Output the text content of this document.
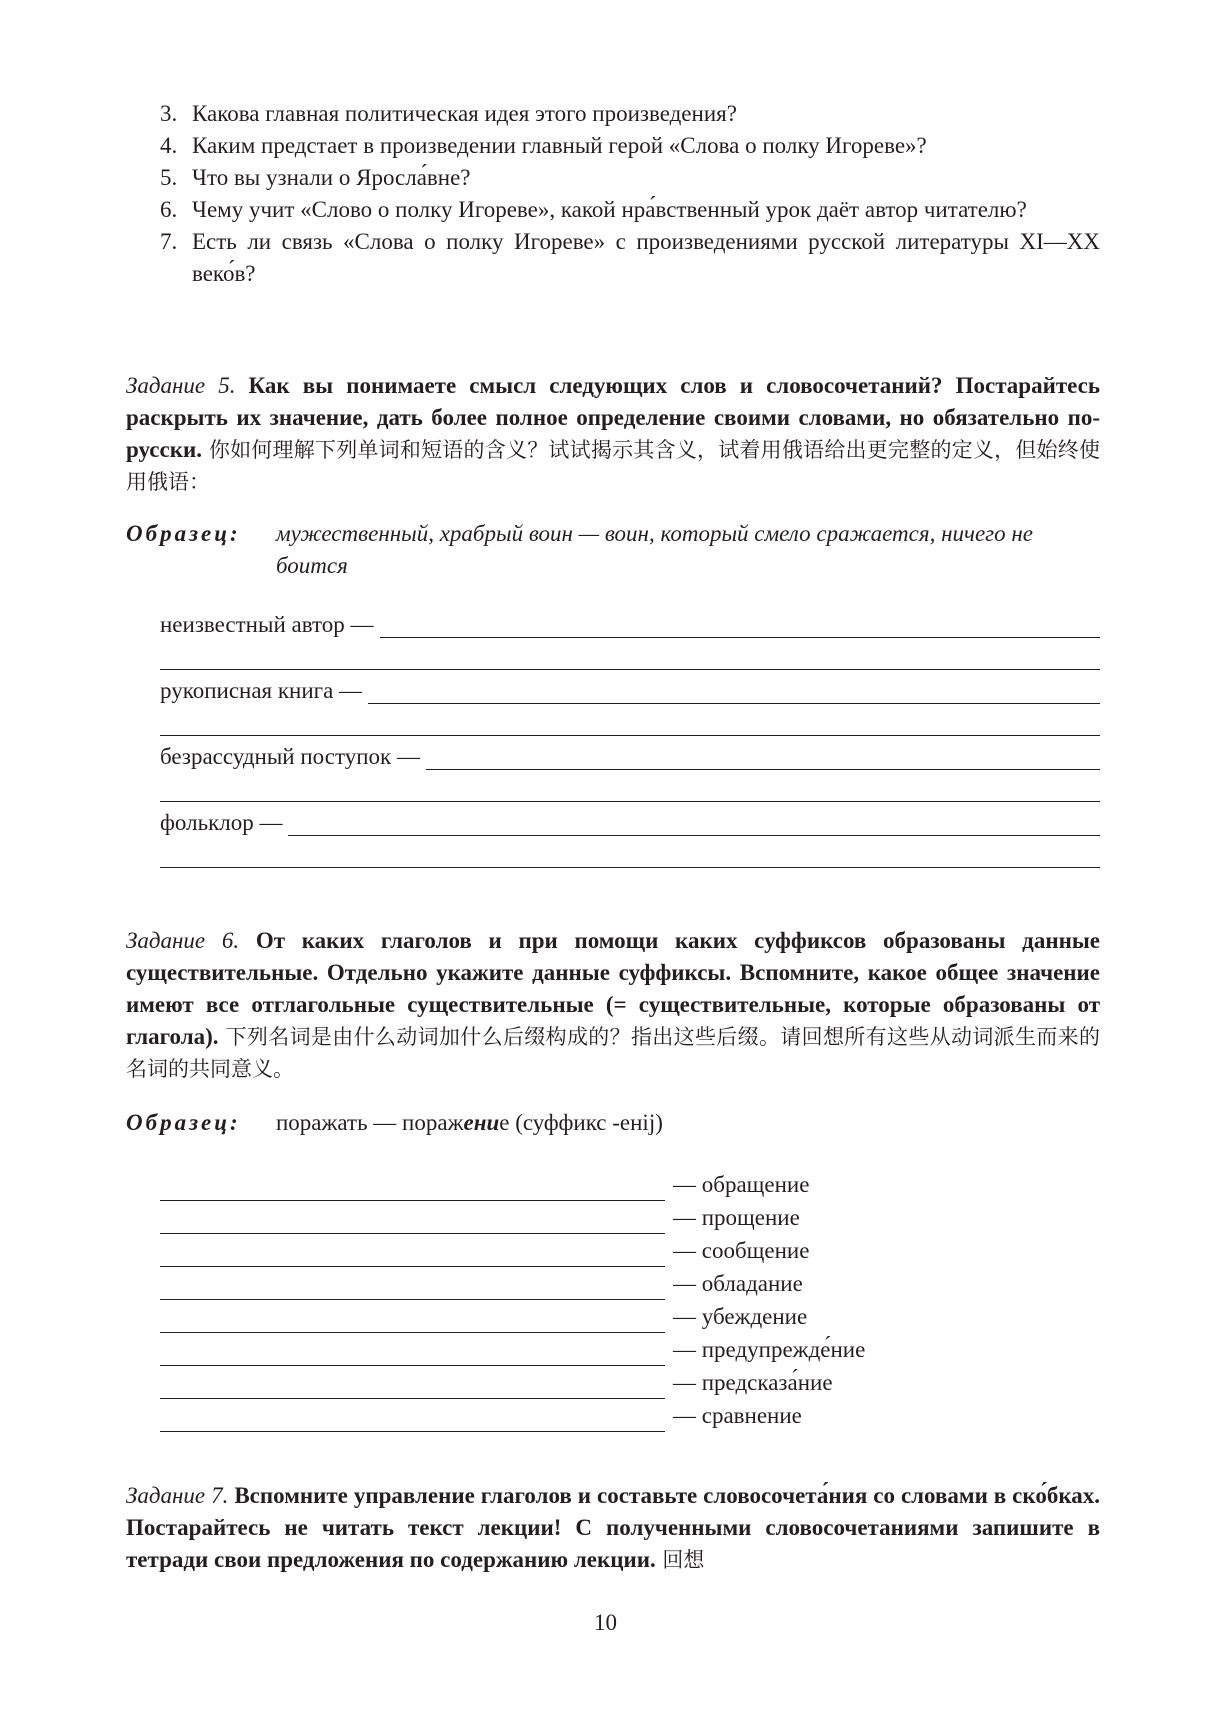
3. Какова главная политическая идея этого произведения?
4. Каким предстает в произведении главный герой «Слова о полку Игореве»?
5. Что вы узнали о Яросла́вне?
6. Чему учит «Слово о полку Игореве», какой нра́вственный урок даёт автор читателю?
7. Есть ли связь «Слова о полку Игореве» с произведениями русской литературы XI—XX веко́в?
Задание 5. Как вы понимаете смысл следующих слов и словосочетаний? Постарайтесь раскрыть их значение, дать более полное определение своими словами, но обязательно по-русски. 你如何理解下列单词和短语的含义？试试揭示其含义，试着用俄语给出更完整的定义，但始终使用俄语：
Образец:	мужественный, храбрый воин — воин, который смело сражается, ничего не боится
неизвестный автор —
рукописная книга —
безрассудный поступок —
фольклор —
Задание 6. От каких глаголов и при помощи каких суффиксов образованы данные существительные. Отдельно укажите данные суффиксы. Вспомните, какое общее значение имеют все отглагольные существительные (= существительные, которые образованы от глагола). 下列名词是由什么动词加什么后缀构成的？指出这些后缀。请回想所有这些从动词派生而来的名词的共同意义。
Образец:	поражать — поражение (суффикс -енij)
— обращение
— прощение
— сообщение
— обладание
— убеждение
— предупрежде́ние
— предсказа́ние
— сравнение
Задание 7. Вспомните управление глаголов и составьте словосочета́ния со словами в ско́бках. Постарайтесь не читать текст лекции! С полученными словосочетаниями запишите в тетради свои предложения по содержанию лекции. 回想
10
